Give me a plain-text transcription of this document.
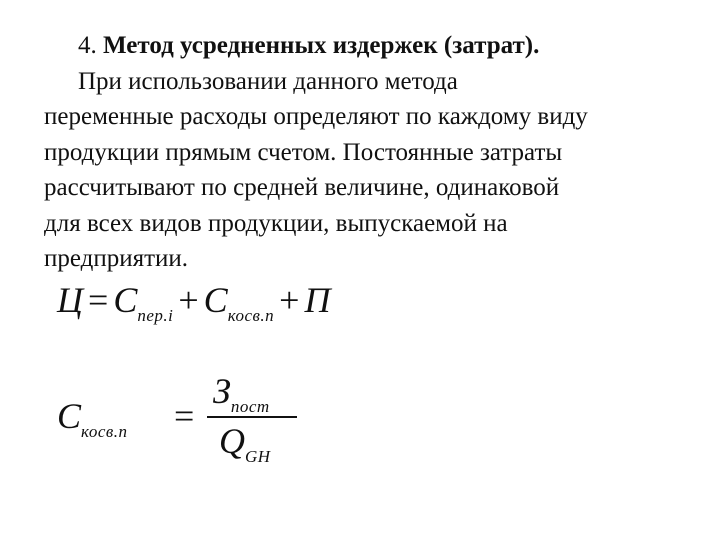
4. Метод усредненных издержек (затрат).
При использовании данного метода
переменные расходы определяют по каждому виду
продукции прямым счетом. Постоянные затраты
рассчитывают по средней величине, одинаковой
для всех видов продукции, выпускаемой на
предприятии.
$Ц = С_{пер.i} + С_{косв.п} + П$
$С_{косв.п}$ =
$З_{пост}$
$Q_{GH}$
